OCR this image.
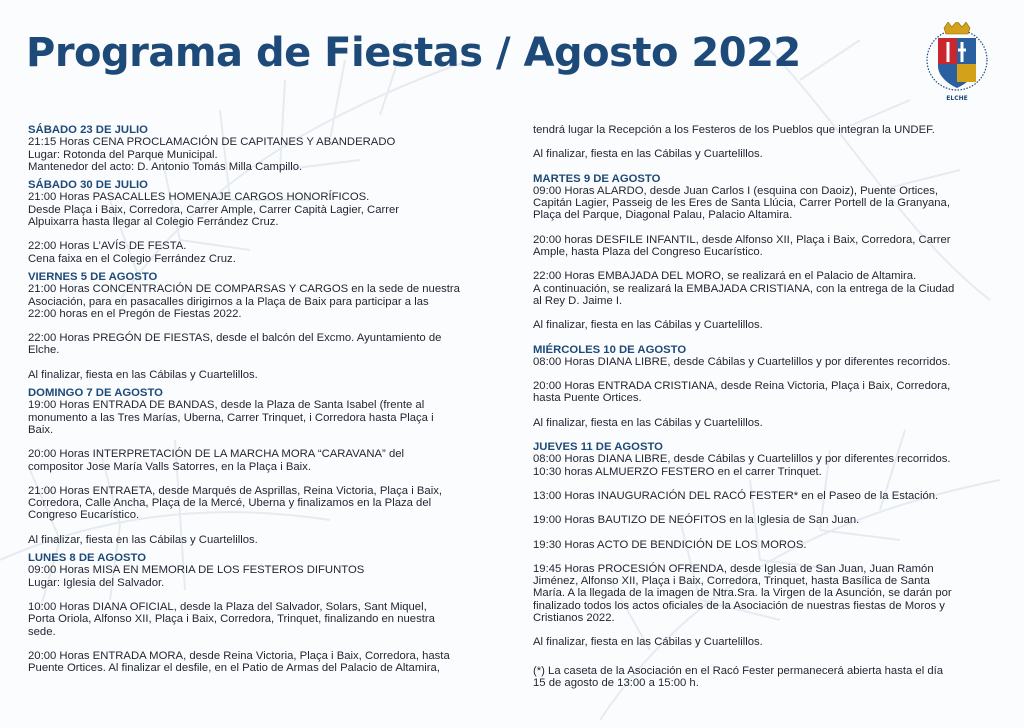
Programa de Fiestas / Agosto 2022
ELCHE
SÁBADO 23 DE JULIO
21:15 Horas CENA PROCLAMACIÓN DE CAPITANES Y ABANDERADO
Lugar: Rotonda del Parque Municipal.
Mantenedor del acto: D. Antonio Tomás Milla Campillo.
SÁBADO 30 DE JULIO
21:00 Horas PASACALLES HOMENAJE CARGOS HONORÍFICOS.
Desde Plaça i Baix, Corredora, Carrer Ample, Carrer Capità Lagier, Carrer
Alpuixarra hasta llegar al Colegio Ferrández Cruz.
22:00 Horas L’AVÍS DE FESTA.
Cena faixa en el Colegio Ferrández Cruz.
VIERNES 5 DE AGOSTO
21:00 Horas CONCENTRACIÓN DE COMPARSAS Y CARGOS en la sede de nuestra
Asociación, para en pasacalles dirigirnos a la Plaça de Baix para participar a las
22:00 horas en el Pregón de Fiestas 2022.
22:00 Horas PREGÓN DE FIESTAS, desde el balcón del Excmo. Ayuntamiento de
Elche.
Al finalizar, fiesta en las Cábilas y Cuartelillos.
DOMINGO 7 DE AGOSTO
19:00 Horas ENTRADA DE BANDAS, desde la Plaza de Santa Isabel (frente al
monumento a las Tres Marías, Uberna, Carrer Trinquet, i Corredora hasta Plaça i
Baix.
20:00 Horas INTERPRETACIÓN DE LA MARCHA MORA “CARAVANA” del
compositor Jose María Valls Satorres, en la Plaça i Baix.
21:00 Horas ENTRAETA, desde Marqués de Asprillas, Reina Victoria, Plaça i Baix,
Corredora, Calle Ancha, Plaça de la Mercé, Uberna y finalizamos en la Plaza del
Congreso Eucarístico.
Al finalizar, fiesta en las Cábilas y Cuartelillos.
LUNES 8 DE AGOSTO
09:00 Horas MISA EN MEMORIA DE LOS FESTEROS DIFUNTOS
Lugar: Iglesia del Salvador.
10:00 Horas DIANA OFICIAL, desde la Plaza del Salvador, Solars, Sant Miquel,
Porta Oriola, Alfonso XII, Plaça i Baix, Corredora, Trinquet, finalizando en nuestra
sede.
20:00 Horas ENTRADA MORA, desde Reina Victoria, Plaça i Baix, Corredora, hasta
Puente Ortices. Al finalizar el desfile, en el Patio de Armas del Palacio de Altamira,
tendrá lugar la Recepción a los Festeros de los Pueblos que integran la UNDEF.
Al finalizar, fiesta en las Cábilas y Cuartelillos.
MARTES 9 DE AGOSTO
09:00 Horas ALARDO, desde Juan Carlos I (esquina con Daoiz), Puente Ortices,
Capitán Lagier, Passeig de les Eres de Santa Llúcia, Carrer Portell de la Granyana,
Plaça del Parque, Diagonal Palau, Palacio Altamira.
20:00 horas DESFILE INFANTIL, desde Alfonso XII, Plaça i Baix, Corredora, Carrer
Ample, hasta Plaza del Congreso Eucarístico.
22:00 Horas EMBAJADA DEL MORO, se realizará en el Palacio de Altamira.
A continuación, se realizará la EMBAJADA CRISTIANA, con la entrega de la Ciudad
al Rey D. Jaime I.
Al finalizar, fiesta en las Cábilas y Cuartelillos.
MIÉRCOLES 10 DE AGOSTO
08:00 Horas DIANA LIBRE, desde Cábilas y Cuartelillos y por diferentes recorridos.
20:00 Horas ENTRADA CRISTIANA, desde Reina Victoria, Plaça i Baix, Corredora,
hasta Puente Ortices.
Al finalizar, fiesta en las Cábilas y Cuartelillos.
JUEVES 11 DE AGOSTO
08:00 Horas DIANA LIBRE, desde Cábilas y Cuartelillos y por diferentes recorridos.
10:30 horas ALMUERZO FESTERO en el carrer Trinquet.
13:00 Horas INAUGURACIÓN DEL RACÓ FESTER* en el Paseo de la Estación.
19:00 Horas BAUTIZO DE NEÓFITOS en la Iglesia de San Juan.
19:30 Horas ACTO DE BENDICIÓN DE LOS MOROS.
19:45 Horas PROCESIÓN OFRENDA, desde Iglesia de San Juan, Juan Ramón
Jiménez, Alfonso XII, Plaça i Baix, Corredora, Trinquet, hasta Basílica de Santa
María. A la llegada de la imagen de Ntra.Sra. la Virgen de la Asunción, se darán por
finalizado todos los actos oficiales de la Asociación de nuestras fiestas de Moros y
Cristianos 2022.
Al finalizar, fiesta en las Cábilas y Cuartelillos.
(*) La caseta de la Asociación en el Racó Fester permanecerá abierta hasta el día
15 de agosto de 13:00 a 15:00 h.
